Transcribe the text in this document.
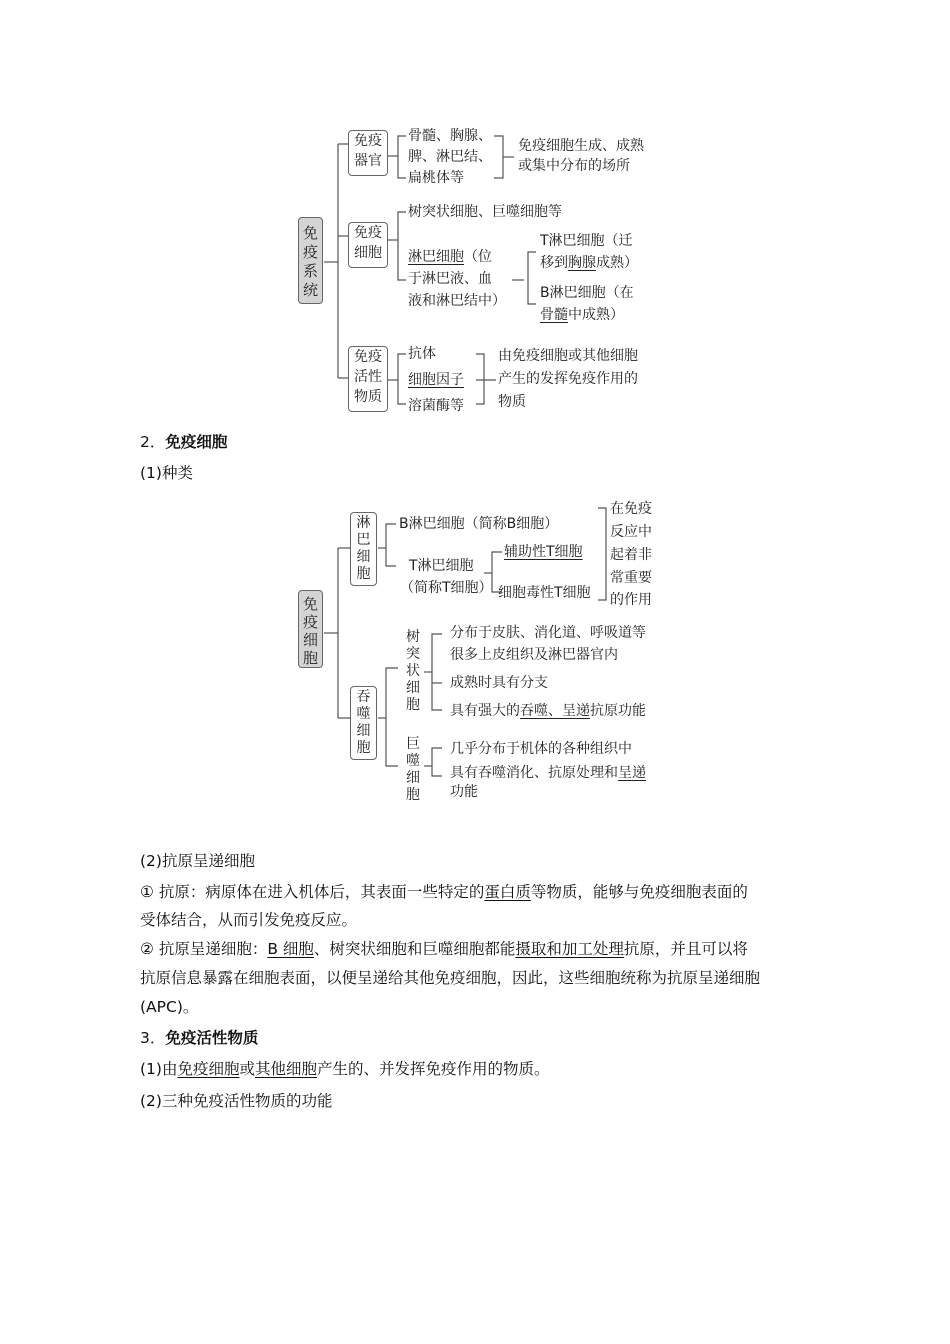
免疫系统
免疫
器官
骨髓、胸腺、
脾、淋巴结、
扁桃体等
免疫细胞生成、成熟
或集中分布的场所
免疫
细胞
树突状细胞、巨噬细胞等
淋巴细胞（位
于淋巴液、血
液和淋巴结中）
T淋巴细胞（迁
移到胸腺成熟）
B淋巴细胞（在
骨髓中成熟）
免疫
活性
物质
抗体
细胞因子
溶菌酶等
由免疫细胞或其他细胞
产生的发挥免疫作用的
物质
2．免疫细胞
(1)种类
免疫细胞
淋巴细胞
B淋巴细胞（简称B细胞）
T淋巴细胞
（简称T细胞）
辅助性T细胞
细胞毒性T细胞
在免疫
反应中
起着非
常重要
的作用
吞噬细胞
树突状细胞
分布于皮肤、消化道、呼吸道等
很多上皮组织及淋巴器官内
成熟时具有分支
具有强大的吞噬、呈递抗原功能
巨噬细胞
几乎分布于机体的各种组织中
具有吞噬消化、抗原处理和呈递
功能
(2)抗原呈递细胞
① 抗原：病原体在进入机体后，其表面一些特定的蛋白质等物质，能够与免疫细胞表面的
受体结合，从而引发免疫反应。
② 抗原呈递细胞：B 细胞、树突状细胞和巨噬细胞都能摄取和加工处理抗原，并且可以将
抗原信息暴露在细胞表面，以便呈递给其他免疫细胞，因此，这些细胞统称为抗原呈递细胞
(APC)。
3．免疫活性物质
(1)由免疫细胞或其他细胞产生的、并发挥免疫作用的物质。
(2)三种免疫活性物质的功能
